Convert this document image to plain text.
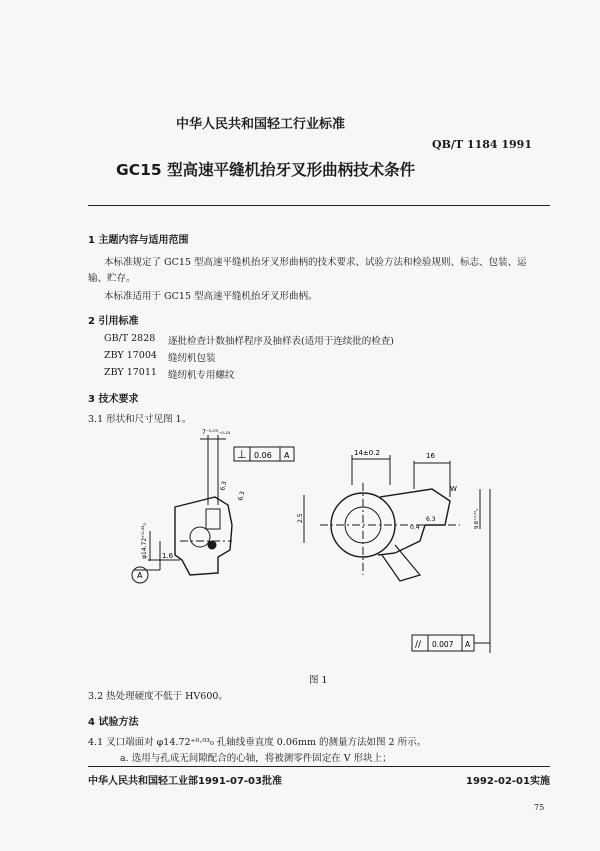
中华人民共和国轻工行业标准
QB/T 1184 1991
GC15 型高速平缝机抬牙叉形曲柄技术条件
1 主题内容与适用范围
本标准规定了 GC15 型高速平缝机抬牙叉形曲柄的技术要求、试验方法和检验规则、标志、包装、运
输、贮存。
本标准适用于 GC15 型高速平缝机抬牙叉形曲柄。
2 引用标准
GB/T 2828 逐批检查计数抽样程序及抽样表(适用于连续批的检查)
ZBY 17004 缝纫机包装
ZBY 17011 缝纫机专用螺纹
3 技术要求
3.1 形状和尺寸见图 1。
⊥ 0.06 A
7⁻⁰·⁰⁵₋₀.₁₅
6.3
6.3
φ14.72⁺⁰·⁰³₀ 1.6
A
14±0.2	16
W
6.3
0.4
2.5	9.8⁺⁰·⁰⁵₀
// 0.007 A
图 1
3.2 热处理硬度不低于 HV600。
4 试验方法
4.1 叉口端面对 φ14.72⁺⁰·⁰³₀ 孔轴线垂直度 0.06mm 的测量方法如图 2 所示。
a. 选用与孔成无间隙配合的心轴，将被测零件固定在 V 形块上；
中华人民共和国轻工业部1991-07-03批准	1992-02-01实施
75
